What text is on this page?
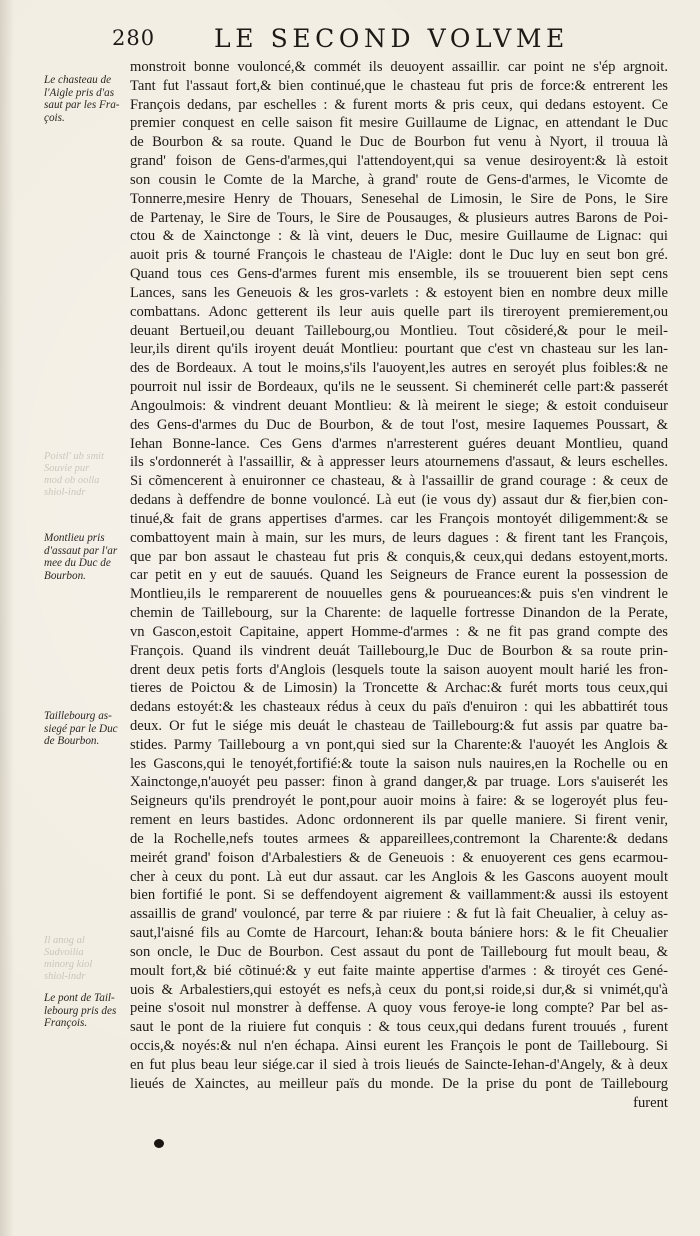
280 LE SECOND VOLVME
Le chasteau de
l'Aigle pris d'as
saut par les Fra-
çois.
Poistl' ub smit
Souvie pur
mod ob oolla
shiol-indr
Montlieu pris
d'assaut par l'ar
mee du Duc de
Bourbon.
Taillebourg as-
siegé par le Duc
de Bourbon.
Il anog al
Sudvoilia
minorg kiol
shiol-indr
Le pont de Tail-
lebourg pris des
François.
monstroit bonne vouloncé,& commét ils deuoyent assaillir. car point ne s'ép argnoit.
Tant fut l'assaut fort,& bien continué,que le chasteau fut pris de force:& entrerent les
François dedans, par eschelles : & furent morts & pris ceux, qui dedans estoyent. Ce
premier conquest en celle saison fit mesire Guillaume de Lignac, en attendant le Duc
de Bourbon & sa route. Quand le Duc de Bourbon fut venu à Nyort, il trouua là
grand' foison de Gens-d'armes,qui l'attendoyent,qui sa venue desiroyent:& là estoit
son cousin le Comte de la Marche, à grand' route de Gens-d'armes, le Vicomte de
Tonnerre,mesire Henry de Thouars, Senesehal de Limosin, le Sire de Pons, le Sire
de Partenay, le Sire de Tours, le Sire de Pousauges, & plusieurs autres Barons de Poi-
ctou & de Xainctonge : & là vint, deuers le Duc, mesire Guillaume de Lignac: qui
auoit pris & tourné François le chasteau de l'Aigle: dont le Duc luy en seut bon gré.
Quand tous ces Gens-d'armes furent mis ensemble, ils se trouuerent bien sept cens
Lances, sans les Geneuois & les gros-varlets : & estoyent bien en nombre deux mille
combattans. Adonc getterent ils leur auis quelle part ils tireroyent premierement,ou
deuant Bertueil,ou deuant Taillebourg,ou Montlieu. Tout cõsideré,& pour le meil-
leur,ils dirent qu'ils iroyent deuát Montlieu: pourtant que c'est vn chasteau sur les lan-
des de Bordeaux. A tout le moins,s'ils l'auoyent,les autres en seroyét plus foibles:& ne
pourroit nul issir de Bordeaux, qu'ils ne le seussent. Si cheminerét celle part:& passerét
Angoulmois: & vindrent deuant Montlieu: & là meirent le siege; & estoit conduiseur
des Gens-d'armes du Duc de Bourbon, & de tout l'ost, mesire Iaquemes Poussart, &
Iehan Bonne-lance. Ces Gens d'armes n'arresterent guéres deuant Montlieu, quand
ils s'ordonnerét à l'assaillir, & à appresser leurs atournemens d'assaut, & leurs eschelles.
Si cõmencerent à enuironner ce chasteau, & à l'assaillir de grand courage : & ceux de
dedans à deffendre de bonne vouloncé. Là eut (ie vous dy) assaut dur & fier,bien con-
tinué,& fait de grans appertises d'armes. car les François montoyét diligemment:& se
combattoyent main à main, sur les murs, de leurs dagues : & firent tant les François,
que par bon assaut le chasteau fut pris & conquis,& ceux,qui dedans estoyent,morts.
car petit en y eut de sauués. Quand les Seigneurs de France eurent la possession de
Montlieu,ils le remparerent de nouuelles gens & pourueances:& puis s'en vindrent le
chemin de Taillebourg, sur la Charente: de laquelle fortresse Dinandon de la Perate,
vn Gascon,estoit Capitaine, appert Homme-d'armes : & ne fit pas grand compte des
François. Quand ils vindrent deuát Taillebourg,le Duc de Bourbon & sa route prin-
drent deux petis forts d'Anglois (lesquels toute la saison auoyent moult harié les fron-
tieres de Poictou & de Limosin) la Troncette & Archac:& furét morts tous ceux,qui
dedans estoyét:& les chasteaux rédus à ceux du païs d'enuiron : qui les abbattirét tous
deux. Or fut le siége mis deuát le chasteau de Taillebourg:& fut assis par quatre ba-
stides. Parmy Taillebourg a vn pont,qui sied sur la Charente:& l'auoyét les Anglois &
les Gascons,qui le tenoyét,fortifié:& toute la saison nuls nauires,en la Rochelle ou en
Xainctonge,n'auoyét peu passer: finon à grand danger,& par truage. Lors s'auiserét les
Seigneurs qu'ils prendroyét le pont,pour auoir moins à faire: & se logeroyét plus feu-
rement en leurs bastides. Adonc ordonnerent ils par quelle maniere. Si firent venir,
de la Rochelle,nefs toutes armees & appareillees,contremont la Charente:& dedans
meirét grand' foison d'Arbalestiers & de Geneuois : & enuoyerent ces gens ecarmou-
cher à ceux du pont. Là eut dur assaut. car les Anglois & les Gascons auoyent moult
bien fortifié le pont. Si se deffendoyent aigrement & vaillamment:& aussi ils estoyent
assaillis de grand' vouloncé, par terre & par riuiere : & fut là fait Cheualier, à celuy as-
saut,l'aisné fils au Comte de Harcourt, Iehan:& bouta bániere hors: & le fit Cheualier
son oncle, le Duc de Bourbon. Cest assaut du pont de Taillebourg fut moult beau, &
moult fort,& bié cõtinué:& y eut faite mainte appertise d'armes : & tiroyét ces Gené-
uois & Arbalestiers,qui estoyét es nefs,à ceux du pont,si roide,si dur,& si vnimét,qu'à
peine s'osoit nul monstrer à deffense. A quoy vous feroye-ie long compte? Par bel as-
saut le pont de la riuiere fut conquis : & tous ceux,qui dedans furent trouués , furent
occis,& noyés:& nul n'en échapa. Ainsi eurent les François le pont de Taillebourg. Si
en fut plus beau leur siége.car il sied à trois lieués de Saincte-Iehan-d'Angely, & à deux
lieués de Xainctes, au meilleur païs du monde. De la prise du pont de Taillebourg
furent
